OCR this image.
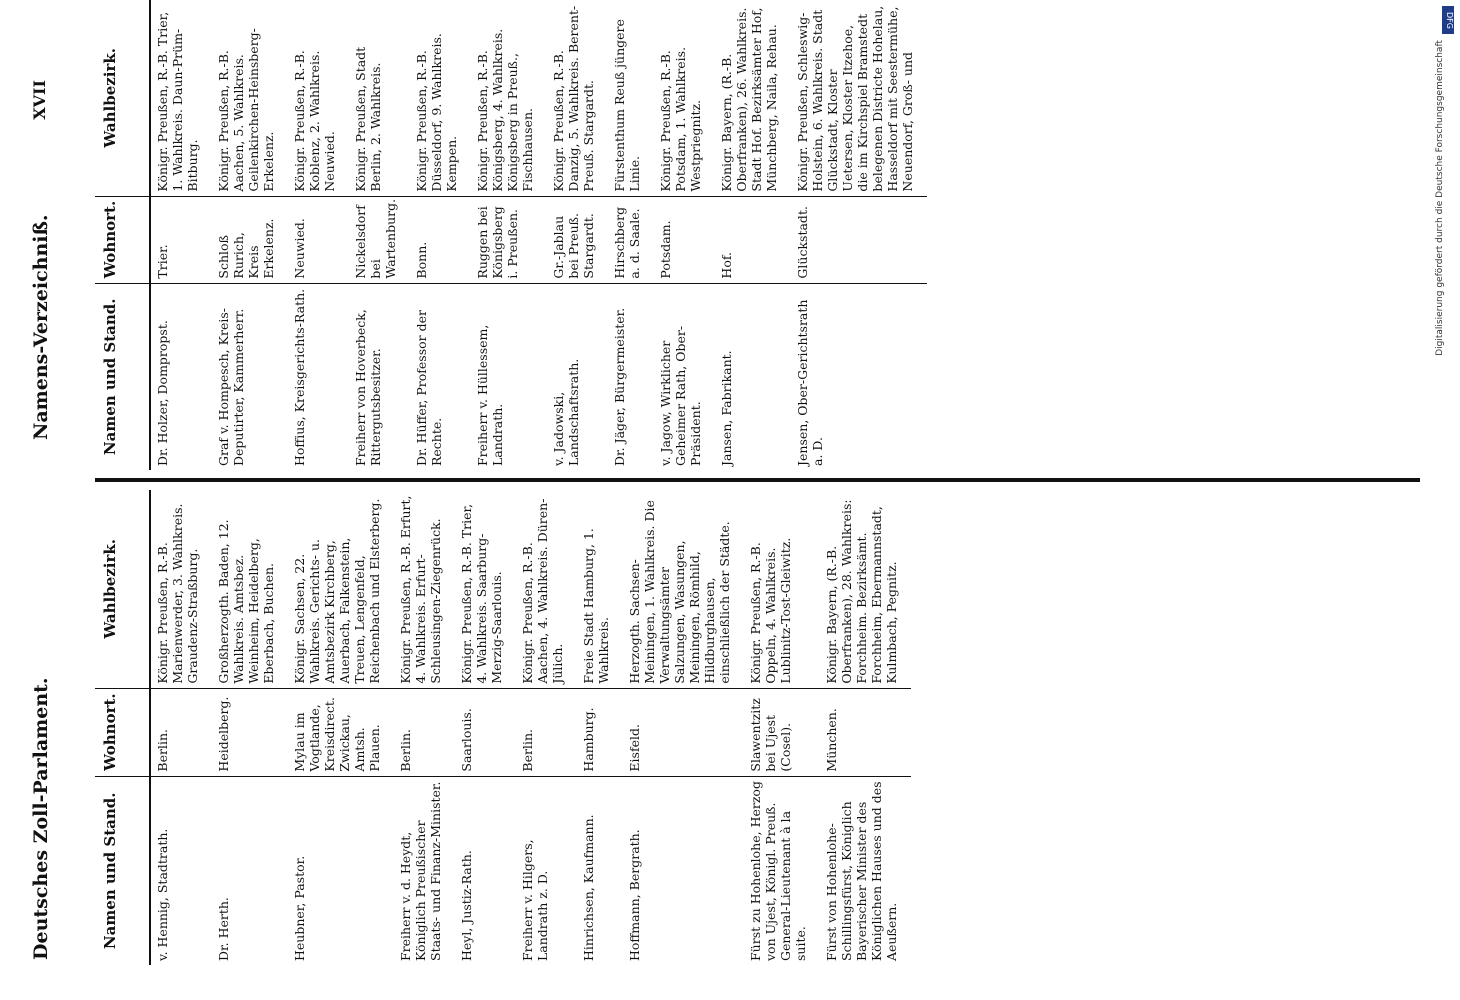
Deutsches Zoll-Parlament.
Namens-Verzeichniß.
XVII
Namen und Stand.	Wohnort.	Wahlbezirk.
v. Hennig, Stadtrath.	Berlin.	Königr. Preußen, R.-B. Marienwerder, 3. Wahlkreis. Graudenz-Straßburg.
Dr. Herth.	Heidelberg.	Großherzogth. Baden, 12. Wahlkreis. Amtsbez. Weinheim, Heidelberg, Eberbach, Buchen.
Heubner, Pastor.	Mylau im Vogtlande, Kreisdirect. Zwickau, Amtsh. Plauen.	Königr. Sachsen, 22. Wahlkreis. Gerichts- u. Amtsbezirk Kirchberg, Auerbach, Falkenstein, Treuen, Lengenfeld, Reichenbach und Elsterberg.
Freiherr v. d. Heydt, Königlich Preußischer Staats- und Finanz-Minister.	Berlin.	Königr. Preußen, R.-B. Erfurt, 4. Wahlkreis. Erfurt-Schleusingen-Ziegenrück.
Heyl, Justiz-Rath.	Saarlouis.	Königr. Preußen, R.-B. Trier, 4. Wahlkreis. Saarburg-Merzig-Saarlouis.
Freiherr v. Hilgers, Landrath z. D.	Berlin.	Königr. Preußen, R.-B. Aachen, 4. Wahlkreis. Düren-Jülich.
Hinrichsen, Kaufmann.	Hamburg.	Freie Stadt Hamburg, 1. Wahlkreis.
Hoffmann, Bergrath.	Eisfeld.	Herzogth. Sachsen-Meiningen, 1. Wahlkreis. Die Verwaltungsämter Salzungen, Wasungen, Meiningen, Römhild, Hildburghausen, einschließlich der Städte.
Fürst zu Hohenlohe, Herzog von Ujest, Königl. Preuß. General-Lieutenant à la suite.	Slawentzitz bei Ujest (Cosel).	Königr. Preußen, R.-B. Oppeln, 4. Wahlkreis. Lublinitz-Tost-Gleiwitz.
Fürst von Hohenlohe-Schillingsfürst, Königlich Bayerischer Minister des Königlichen Hauses und des Aeußern.	München.	Königr. Bayern, (R.-B. Oberfranken), 28. Wahlkreis: Forchheim. Bezirksämt. Forchheim, Ebermannstadt, Kulmbach, Pegnitz.
Namen und Stand.	Wohnort.	Wahlbezirk.
Dr. Holzer, Dompropst.	Trier.	Königr. Preußen, R.-B. Trier, 1. Wahlkreis. Daun-Prüm-Bitburg.
Graf v. Hompesch, Kreis-Deputirter, Kammerherr.	Schloß Rurich, Kreis Erkelenz.	Königr. Preußen, R.-B. Aachen, 5. Wahlkreis. Geilenkirchen-Heinsberg-Erkelenz.
Hoffius, Kreisgerichts-Rath.	Neuwied.	Königr. Preußen, R.-B. Koblenz, 2. Wahlkreis. Neuwied.
Freiherr von Hoverbeck, Rittergutsbesitzer.	Nickelsdorf bei Wartenburg.	Königr. Preußen, Stadt Berlin, 2. Wahlkreis.
Dr. Hüffer, Professor der Rechte.	Bonn.	Königr. Preußen, R.-B. Düsseldorf, 9. Wahlkreis. Kempen.
Freiherr v. Hüllessem, Landrath.	Ruggen bei Königsberg i. Preußen.	Königr. Preußen, R.-B. Königsberg, 4. Wahlkreis. Königsberg in Preuß., Fischhausen.
v. Jadowski, Landschaftsrath.	Gr.-Jablau bei Preuß. Stargardt.	Königr. Preußen, R.-B. Danzig, 5. Wahlkreis. Berent-Preuß. Stargardt.
Dr. Jäger, Bürgermeister.	Hirschberg a. d. Saale.	Fürstenthum Reuß jüngere Linie.
v. Jagow, Wirklicher Geheimer Rath, Ober-Präsident.	Potsdam.	Königr. Preußen, R.-B. Potsdam, 1. Wahlkreis. Westpriegnitz.
Jansen, Fabrikant.	Hof.	Königr. Bayern, (R.-B. Oberfranken), 26. Wahlkreis. Stadt Hof. Bezirksämter Hof, Münchberg, Naila, Rehau.
Jensen, Ober-Gerichtsrath a. D.	Glückstadt.	Königr. Preußen, Schleswig-Holstein, 6. Wahlkreis. Stadt Glückstadt, Kloster Uetersen, Kloster Itzehoe, die im Kirchspiel Bramstedt belegenen Districte Hohelau, Hasseldorf mit Seestermühe, Neuendorf, Groß- und
DFG
Digitalisierung gefördert durch die Deutsche Forschungsgemeinschaft
